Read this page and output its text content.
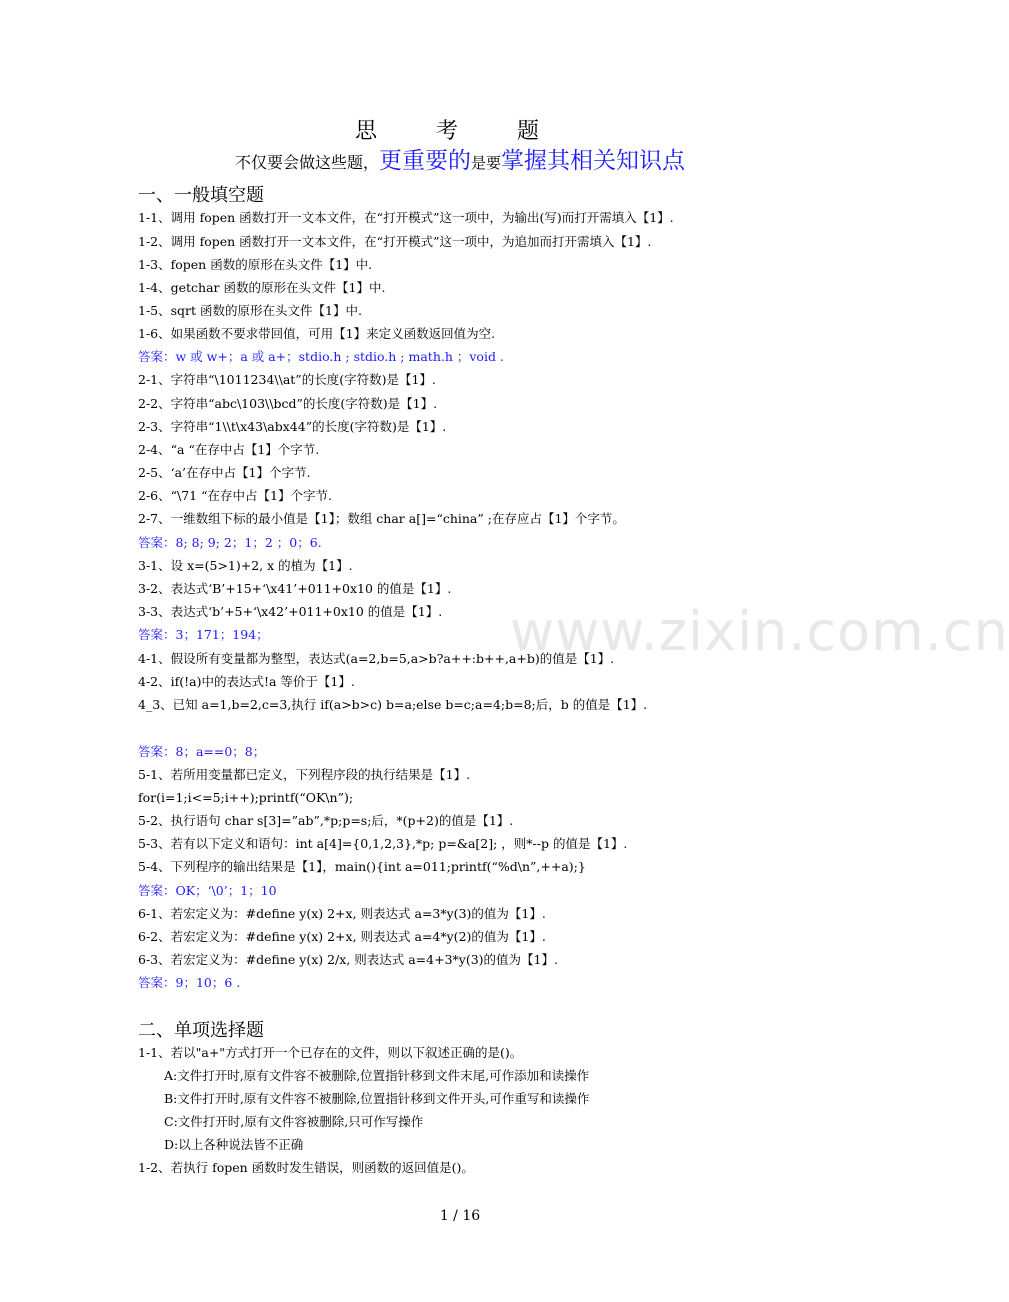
www.zixin.com.cn
思 考 题
不仅要会做这些题，更重要的是要掌握其相关知识点
一、一般填空题
1-1、调用 fopen 函数打开一文本文件，在“打开模式”这一项中，为输出(写)而打开需填入【1】.
1-2、调用 fopen 函数打开一文本文件，在“打开模式”这一项中，为追加而打开需填入【1】.
1-3、fopen 函数的原形在头文件【1】中.
1-4、getchar 函数的原形在头文件【1】中.
1-5、sqrt 函数的原形在头文件【1】中.
1-6、如果函数不要求带回值，可用【1】来定义函数返回值为空.
答案：w 或 w+；a 或 a+；stdio.h ; stdio.h ; math.h ；void .
2-1、字符串“\1011234\\at”的长度(字符数)是【1】.
2-2、字符串“abc\103\\bcd”的长度(字符数)是【1】.
2-3、字符串“1\\t\x43\abx44”的长度(字符数)是【1】.
2-4、“a “在存中占【1】个字节.
2-5、‘a’在存中占【1】个字节.
2-6、“\71 “在存中占【1】个字节.
2-7、一维数组下标的最小值是【1】；数组 char a[]=“china” ;在存应占【1】个字节。
答案：8; 8; 9; 2；1；2 ；0；6.
3-1、设 x=(5>1)+2, x 的植为【1】.
3-2、表达式‘B’+15+‘\x41’+011+0x10 的值是【1】.
3-3、表达式‘b’+5+‘\x42’+011+0x10 的值是【1】.
答案：3；171；194；
4-1、假设所有变量都为整型，表达式(a=2,b=5,a>b?a++:b++,a+b)的值是【1】.
4-2、if(!a)中的表达式!a 等价于【1】.
4_3、已知 a=1,b=2,c=3,执行 if(a>b>c) b=a;else b=c;a=4;b=8;后，b 的值是【1】.
答案：8；a==0；8；
5-1、若所用变量都已定义，下列程序段的执行结果是【1】.
for(i=1;i<=5;i++);printf(“OK\n”);
5-2、执行语句 char s[3]=”ab”,*p;p=s;后，*(p+2)的值是【1】.
5-3、若有以下定义和语句：int a[4]={0,1,2,3},*p; p=&a[2]; ，则*--p 的值是【1】.
5-4、下列程序的输出结果是【1】，main(){int a=011;printf(“%d\n”,++a);}
答案：OK；‘\0’；1；10
6-1、若宏定义为：#define y(x) 2+x, 则表达式 a=3*y(3)的值为【1】.
6-2、若宏定义为：#define y(x) 2+x, 则表达式 a=4*y(2)的值为【1】.
6-3、若宏定义为：#define y(x) 2/x, 则表达式 a=4+3*y(3)的值为【1】.
答案：9；10；6 .
二、单项选择题
1-1、若以"a+"方式打开一个已存在的文件，则以下叙述正确的是()。
A:文件打开时,原有文件容不被删除,位置指针移到文件末尾,可作添加和读操作
B:文件打开时,原有文件容不被删除,位置指针移到文件开头,可作重写和读操作
C:文件打开时,原有文件容被删除,只可作写操作
D:以上各种说法皆不正确
1-2、若执行 fopen 函数时发生错误，则函数的返回值是()。
1 / 16
